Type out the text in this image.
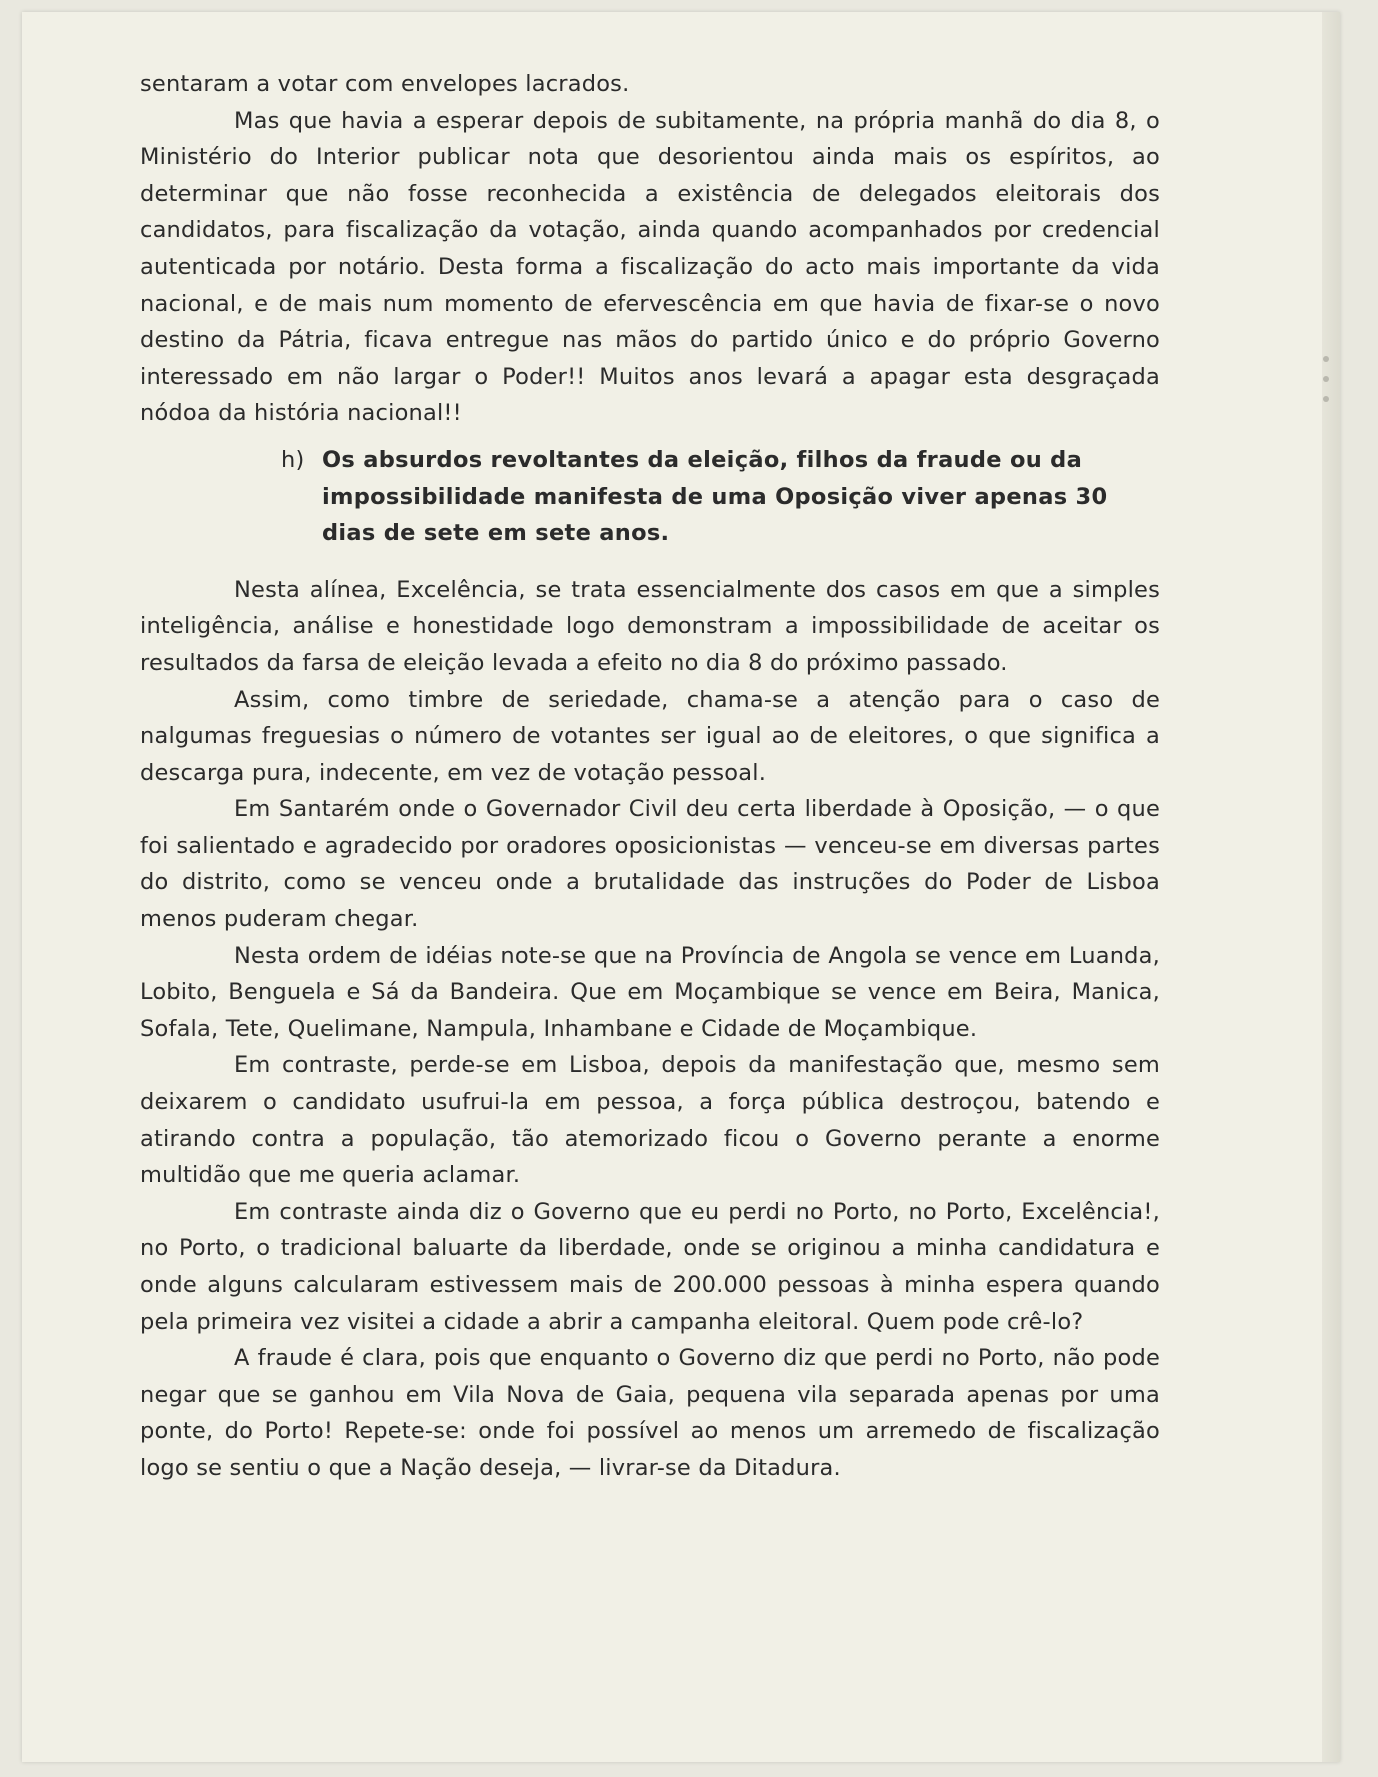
sentaram a votar com envelopes lacrados.

Mas que havia a esperar depois de subitamente, na própria manhã do dia 8, o Ministério do Interior publicar nota que desorientou ainda mais os espíritos, ao determinar que não fosse reconhecida a existência de delegados eleitorais dos candidatos, para fiscalização da votação, ainda quando acompanhados por credencial autenticada por notário. Desta forma a fiscalização do acto mais importante da vida nacional, e de mais num momento de efervescência em que havia de fixar-se o novo destino da Pátria, ficava entregue nas mãos do partido único e do próprio Governo interessado em não largar o Poder!! Muitos anos levará a apagar esta desgraçada nódoa da história nacional!!

h) Os absurdos revoltantes da eleição, filhos da fraude ou da impossibilidade manifesta de uma Oposição viver apenas 30 dias de sete em sete anos.

Nesta alínea, Excelência, se trata essencialmente dos casos em que a simples inteligência, análise e honestidade logo demonstram a impossibilidade de aceitar os resultados da farsa de eleição levada a efeito no dia 8 do próximo passado.

Assim, como timbre de seriedade, chama-se a atenção para o caso de nalgumas freguesias o número de votantes ser igual ao de eleitores, o que significa a descarga pura, indecente, em vez de votação pessoal.

Em Santarém onde o Governador Civil deu certa liberdade à Oposição, — o que foi salientado e agradecido por oradores oposicionistas — venceu-se em diversas partes do distrito, como se venceu onde a brutalidade das instruções do Poder de Lisboa menos puderam chegar.

Nesta ordem de idéias note-se que na Província de Angola se vence em Luanda, Lobito, Benguela e Sá da Bandeira. Que em Moçambique se vence em Beira, Manica, Sofala, Tete, Quelimane, Nampula, Inhambane e Cidade de Moçambique.

Em contraste, perde-se em Lisboa, depois da manifestação que, mesmo sem deixarem o candidato usufrui-la em pessoa, a força pública destroçou, batendo e atirando contra a população, tão atemorizado ficou o Governo perante a enorme multidão que me queria aclamar.

Em contraste ainda diz o Governo que eu perdi no Porto, no Porto, Excelência!, no Porto, o tradicional baluarte da liberdade, onde se originou a minha candidatura e onde alguns calcularam estivessem mais de 200.000 pessoas à minha espera quando pela primeira vez visitei a cidade a abrir a campanha eleitoral. Quem pode crê-lo?

A fraude é clara, pois que enquanto o Governo diz que perdi no Porto, não pode negar que se ganhou em Vila Nova de Gaia, pequena vila separada apenas por uma ponte, do Porto! Repete-se: onde foi possível ao menos um arremedo de fiscalização logo se sentiu o que a Nação deseja, — livrar-se da Ditadura.
